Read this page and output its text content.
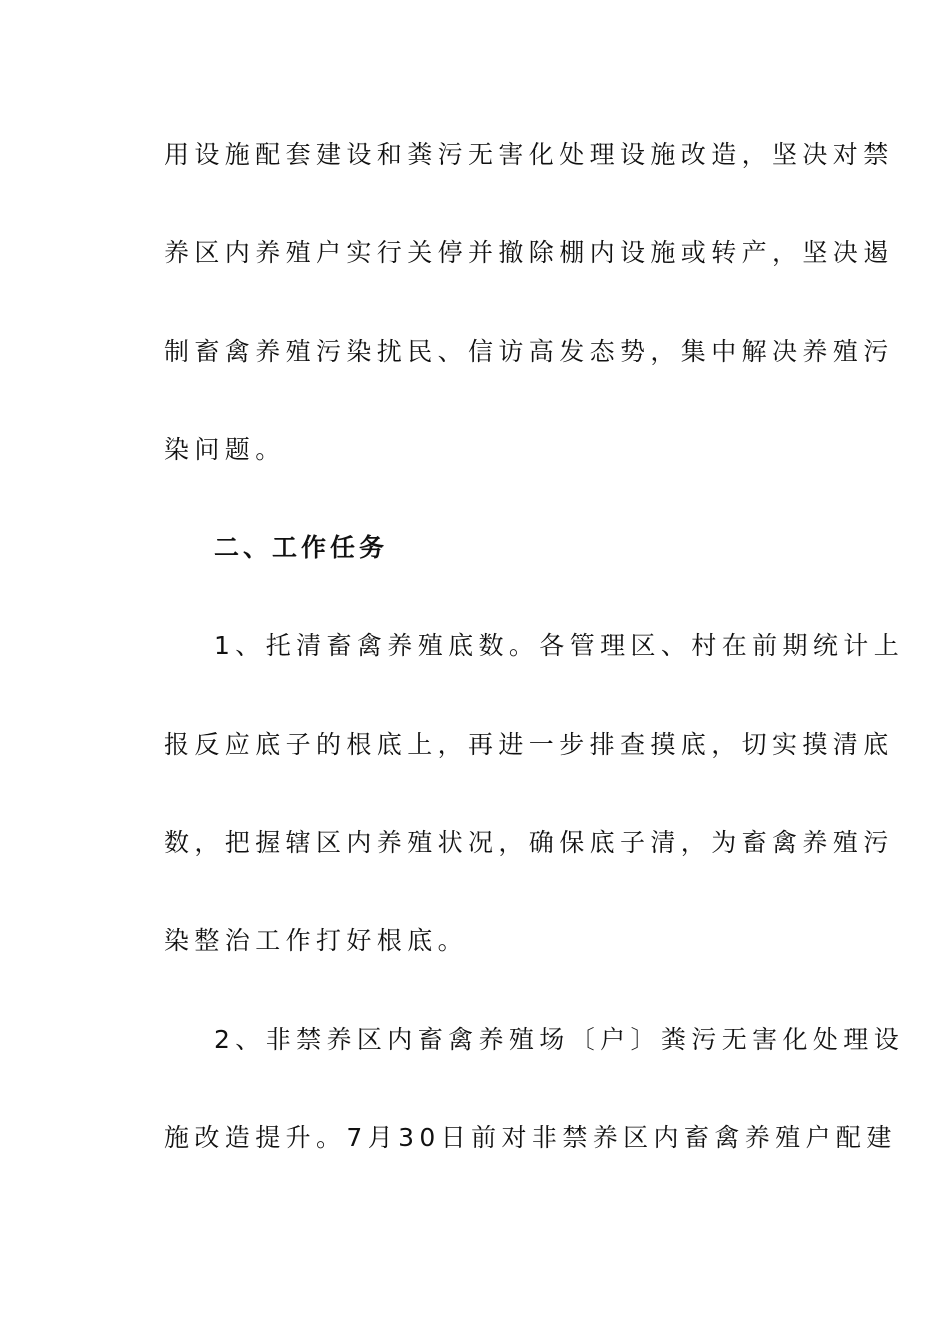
用设施配套建设和粪污无害化处理设施改造，坚决对禁
养区内养殖户实行关停并撤除棚内设施或转产，坚决遏
制畜禽养殖污染扰民、信访高发态势，集中解决养殖污
染问题。
二、工作任务
1、托清畜禽养殖底数。各管理区、村在前期统计上
报反应底子的根底上，再进一步排查摸底，切实摸清底
数，把握辖区内养殖状况，确保底子清，为畜禽养殖污
染整治工作打好根底。
2、非禁养区内畜禽养殖场〔户〕粪污无害化处理设
施改造提升。7月30日前对非禁养区内畜禽养殖户配建
